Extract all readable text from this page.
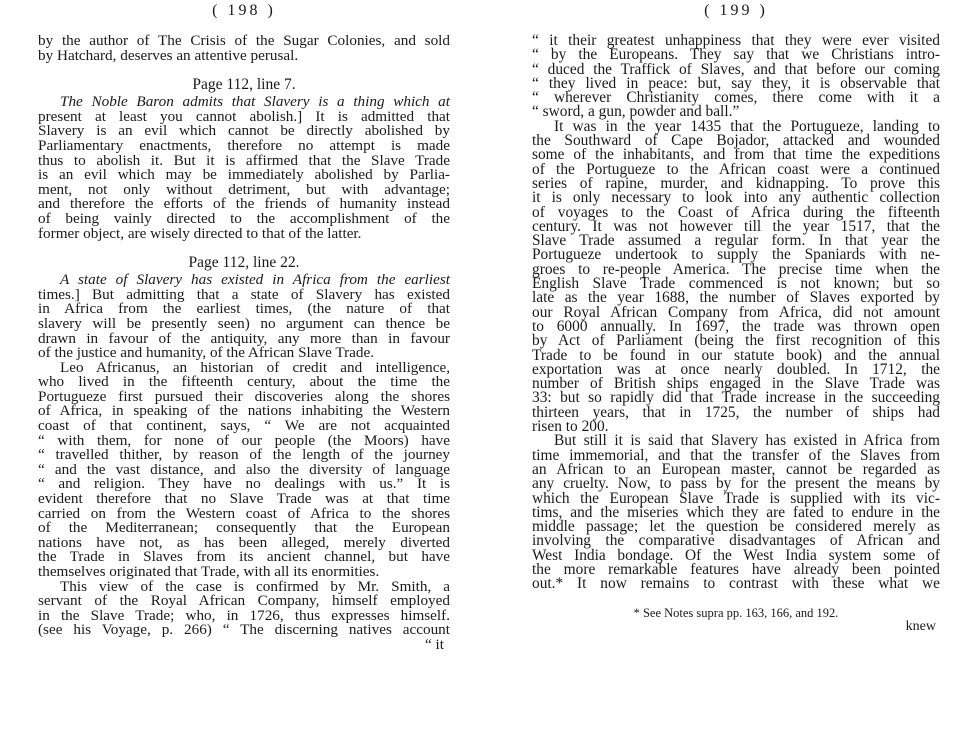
( 198 )
by the author of The Crisis of the Sugar Colonies, and sold
by Hatchard, deserves an attentive perusal.
Page 112, line 7.
The Noble Baron admits that Slavery is a thing which at
present at least you cannot abolish.] It is admitted that
Slavery is an evil which cannot be directly abolished by
Parliamentary enactments, therefore no attempt is made
thus to abolish it. But it is affirmed that the Slave Trade
is an evil which may be immediately abolished by Parlia-
ment, not only without detriment, but with advantage;
and therefore the efforts of the friends of humanity instead
of being vainly directed to the accomplishment of the
former object, are wisely directed to that of the latter.
Page 112, line 22.
A state of Slavery has existed in Africa from the earliest
times.] But admitting that a state of Slavery has existed
in Africa from the earliest times, (the nature of that
slavery will be presently seen) no argument can thence be
drawn in favour of the antiquity, any more than in favour
of the justice and humanity, of the African Slave Trade.
Leo Africanus, an historian of credit and intelligence,
who lived in the fifteenth century, about the time the
Portugueze first pursued their discoveries along the shores
of Africa, in speaking of the nations inhabiting the Western
coast of that continent, says, “ We are not acquainted
“ with them, for none of our people (the Moors) have
“ travelled thither, by reason of the length of the journey
“ and the vast distance, and also the diversity of language
“ and religion. They have no dealings with us.” It is
evident therefore that no Slave Trade was at that time
carried on from the Western coast of Africa to the shores
of the Mediterranean; consequently that the European
nations have not, as has been alleged, merely diverted
the Trade in Slaves from its ancient channel, but have
themselves originated that Trade, with all its enormities.
This view of the case is confirmed by Mr. Smith, a
servant of the Royal African Company, himself employed
in the Slave Trade; who, in 1726, thus expresses himself.
(see his Voyage, p. 266) “ The discerning natives account
“ it
( 199 )
“ it their greatest unhappiness that they were ever visited
“ by the Europeans. They say that we Christians intro-
“ duced the Traffick of Slaves, and that before our coming
“ they lived in peace: but, say they, it is observable that
“ wherever Christianity comes, there come with it a
“ sword, a gun, powder and ball.”
It was in the year 1435 that the Portugueze, landing to
the Southward of Cape Bojador, attacked and wounded
some of the inhabitants, and from that time the expeditions
of the Portugueze to the African coast were a continued
series of rapine, murder, and kidnapping. To prove this
it is only necessary to look into any authentic collection
of voyages to the Coast of Africa during the fifteenth
century. It was not however till the year 1517, that the
Slave Trade assumed a regular form. In that year the
Portugueze undertook to supply the Spaniards with ne-
groes to re-people America. The precise time when the
English Slave Trade commenced is not known; but so
late as the year 1688, the number of Slaves exported by
our Royal African Company from Africa, did not amount
to 6000 annually. In 1697, the trade was thrown open
by Act of Parliament (being the first recognition of this
Trade to be found in our statute book) and the annual
exportation was at once nearly doubled. In 1712, the
number of British ships engaged in the Slave Trade was
33: but so rapidly did that Trade increase in the succeeding
thirteen years, that in 1725, the number of ships had
risen to 200.
But still it is said that Slavery has existed in Africa from
time immemorial, and that the transfer of the Slaves from
an African to an European master, cannot be regarded as
any cruelty. Now, to pass by for the present the means by
which the European Slave Trade is supplied with its vic-
tims, and the miseries which they are fated to endure in the
middle passage; let the question be considered merely as
involving the comparative disadvantages of African and
West India bondage. Of the West India system some of
the more remarkable features have already been pointed
out.* It now remains to contrast with these what we
* See Notes supra pp. 163, 166, and 192.
knew
